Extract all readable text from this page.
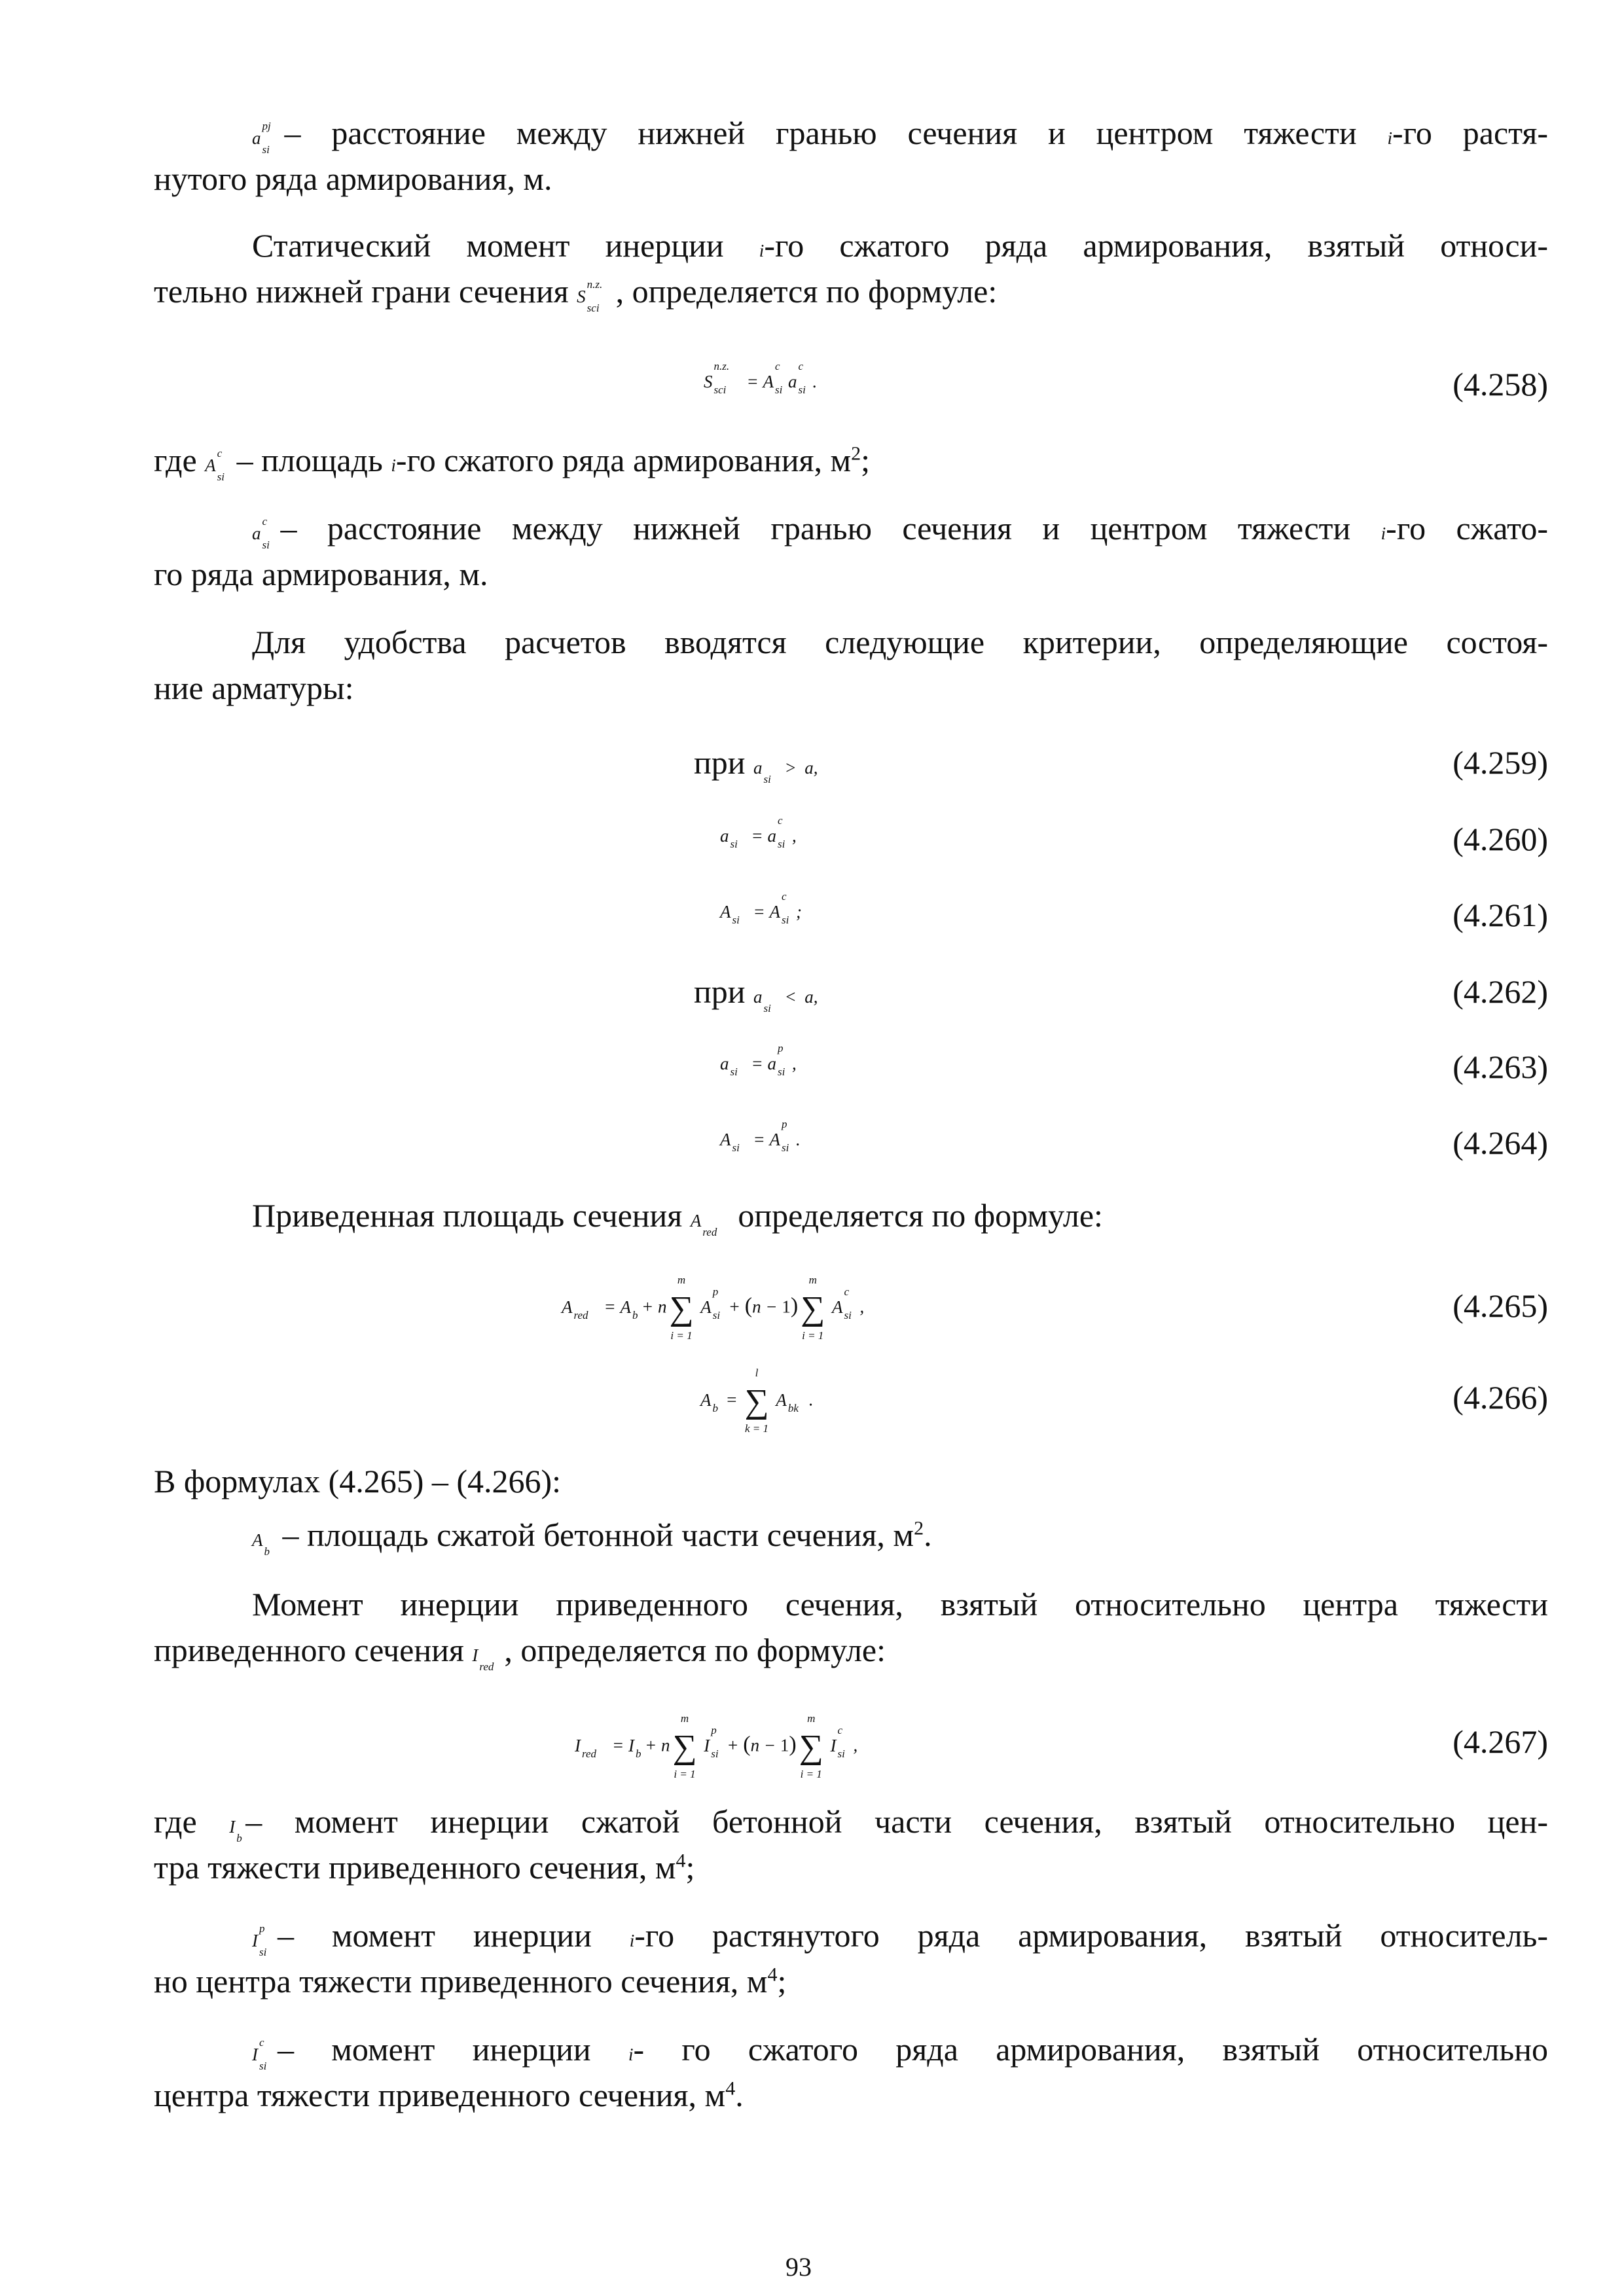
a
pj
si – расстояние между нижней гранью сечения и центром тяжести i-го растя-
нутого ряда армирования, м.
Статический момент инерции i-го сжатого ряда армирования, взятый относи-
тельно нижней грани сечения S
n.z.
sci , определяется по формуле:
S
n.z.
sci = A
c
si a
c
si .	(4.258)
где A
c
si – площадь i-го сжатого ряда армирования, $м^2$;
a
c
si – расстояние между нижней гранью сечения и центром тяжести i-го сжато-
го ряда армирования, м.
Для удобства расчетов вводятся следующие критерии, определяющие состоя-
ние арматуры:
при a
si
> a,	(4.259)
a si = a
c
si ,	(4.260)
A si = A
c
si ;	(4.261)
при a
si
< a,	(4.262)
a si = a
p
si ,	(4.263)
A si = A
p
si .	(4.264)
Приведенная площадь сечения A
red определяется по формуле:
A red = A b + n
m
∑
i = 1
A
p
si + (n − 1)
m
∑
i = 1
A
c
si ,	(4.265)
A b =
l
∑
k = 1
A bk .	(4.266)
В формулах (4.265) – (4.266):
A
b – площадь сжатой бетонной части сечения, $м^2$.
Момент инерции приведенного сечения, взятый относительно центра тяжести
приведенного сечения I
red , определяется по формуле:
I red = I b + n
m
∑
i = 1
I
p
si + (n − 1)
m
∑
i = 1
I
c
si ,	(4.267)
где I
b – момент инерции сжатой бетонной части сечения, взятый относительно цен-
тра тяжести приведенного сечения, $м^4$;
I
p
si – момент инерции i-го растянутого ряда армирования, взятый относитель-
но центра тяжести приведенного сечения, $м^4$;
I
c
si – момент инерции i- го сжатого ряда армирования, взятый относительно
центра тяжести приведенного сечения, $м^4$.
93
